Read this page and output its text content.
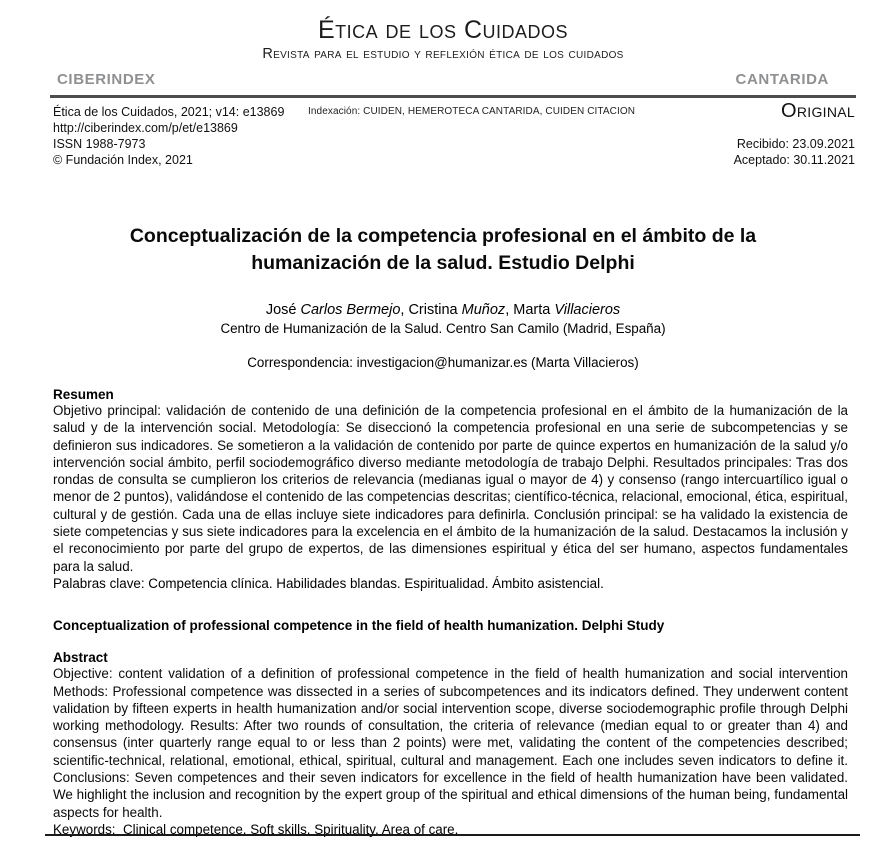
Ética de los Cuidados
Revista para el estudio y reflexión ética de los cuidados
CIBERINDEX	CANTARIDA
Ética de los Cuidados, 2021; v14: e13869
http://ciberindex.com/p/et/e13869
ISSN 1988-7973
© Fundación Index, 2021
Indexación: CUIDEN, HEMEROTECA CANTARIDA, CUIDEN CITACION	Original
Recibido: 23.09.2021
Aceptado: 30.11.2021
Conceptualización de la competencia profesional en el ámbito de la humanización de la salud. Estudio Delphi
José Carlos Bermejo, Cristina Muñoz, Marta Villacieros
Centro de Humanización de la Salud. Centro San Camilo (Madrid, España)
Correspondencia: investigacion@humanizar.es (Marta Villacieros)
Resumen
Objetivo principal: validación de contenido de una definición de la competencia profesional en el ámbito de la humanización de la salud y de la intervención social. Metodología: Se diseccionó la competencia profesional en una serie de subcompetencias y se definieron sus indicadores. Se sometieron a la validación de contenido por parte de quince expertos en humanización de la salud y/o intervención social ámbito, perfil sociodemográfico diverso mediante metodología de trabajo Delphi. Resultados principales: Tras dos rondas de consulta se cumplieron los criterios de relevancia (medianas igual o mayor de 4) y consenso (rango intercuartílico igual o menor de 2 puntos), validándose el contenido de las competencias descritas; científico-técnica, relacional, emocional, ética, espiritual, cultural y de gestión. Cada una de ellas incluye siete indicadores para definirla. Conclusión principal: se ha validado la existencia de siete competencias y sus siete indicadores para la excelencia en el ámbito de la humanización de la salud. Destacamos la inclusión y el reconocimiento por parte del grupo de expertos, de las dimensiones espiritual y ética del ser humano, aspectos fundamentales para la salud.
Palabras clave: Competencia clínica. Habilidades blandas. Espiritualidad. Ámbito asistencial.
Conceptualization of professional competence in the field of health humanization. Delphi Study
Abstract
Objective: content validation of a definition of professional competence in the field of health humanization and social intervention Methods: Professional competence was dissected in a series of subcompetences and its indicators defined. They underwent content validation by fifteen experts in health humanization and/or social intervention scope, diverse sociodemographic profile through Delphi working methodology. Results: After two rounds of consultation, the criteria of relevance (median equal to or greater than 4) and consensus (inter quarterly range equal to or less than 2 points) were met, validating the content of the competencies described; scientific-technical, relational, emotional, ethical, spiritual, cultural and management. Each one includes seven indicators to define it. Conclusions: Seven competences and their seven indicators for excellence in the field of health humanization have been validated. We highlight the inclusion and recognition by the expert group of the spiritual and ethical dimensions of the human being, fundamental aspects for health.
Keywords:  Clinical competence. Soft skills. Spirituality. Area of care.
